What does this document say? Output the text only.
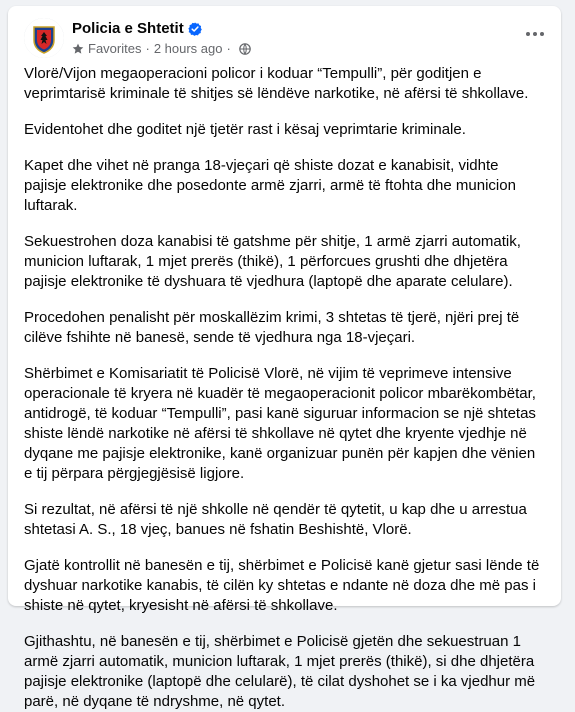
Policia e Shtetit
Favorites · 2 hours ago ·

Vlorë/Vijon megaoperacioni policor i koduar “Tempulli”, për goditjen e veprimtarisë kriminale të shitjes së lëndëve narkotike, në afërsi të shkollave.

Evidentohet dhe goditet një tjetër rast i kësaj veprimtarie kriminale.

Kapet dhe vihet në pranga 18-vjeçari që shiste dozat e kanabisit, vidhte pajisje elektronike dhe posedonte armë zjarri, armë të ftohta dhe municion luftarak.

Sekuestrohen doza kanabisi të gatshme për shitje, 1 armë zjarri automatik, municion luftarak, 1 mjet prerës (thikë), 1 përforcues grushti dhe dhjetëra pajisje elektronike të dyshuara të vjedhura (laptopë dhe aparate celulare).

Procedohen penalisht për moskallëzim krimi, 3 shtetas të tjerë, njëri prej të cilëve fshihte në banesë, sende të vjedhura nga 18-vjeçari.

Shërbimet e Komisariatit të Policisë Vlorë, në vijim të veprimeve intensive operacionale të kryera në kuadër të megaoperacionit policor mbarëkombëtar, antidrogë, të koduar “Tempulli”, pasi kanë siguruar informacion se një shtetas shiste lëndë narkotike në afërsi të shkollave në qytet dhe kryente vjedhje në dyqane me pajisje elektronike, kanë organizuar punën për kapjen dhe vënien e tij përpara përgjegjësisë ligjore.

Si rezultat, në afërsi të një shkolle në qendër të qytetit, u kap dhe u arrestua shtetasi A. S., 18 vjeç, banues në fshatin Beshishtë, Vlorë.

Gjatë kontrollit në banesën e tij, shërbimet e Policisë kanë gjetur sasi lënde të dyshuar narkotike kanabis, të cilën ky shtetas e ndante në doza dhe më pas i shiste në qytet, kryesisht në afërsi të shkollave.

Gjithashtu, në banesën e tij, shërbimet e Policisë gjetën dhe sekuestruan 1 armë zjarri automatik, municion luftarak, 1 mjet prerës (thikë), si dhe dhjetëra pajisje elektronike (laptopë dhe celularë), të cilat dyshohet se i ka vjedhur më parë, në dyqane të ndryshme, në qytet.
